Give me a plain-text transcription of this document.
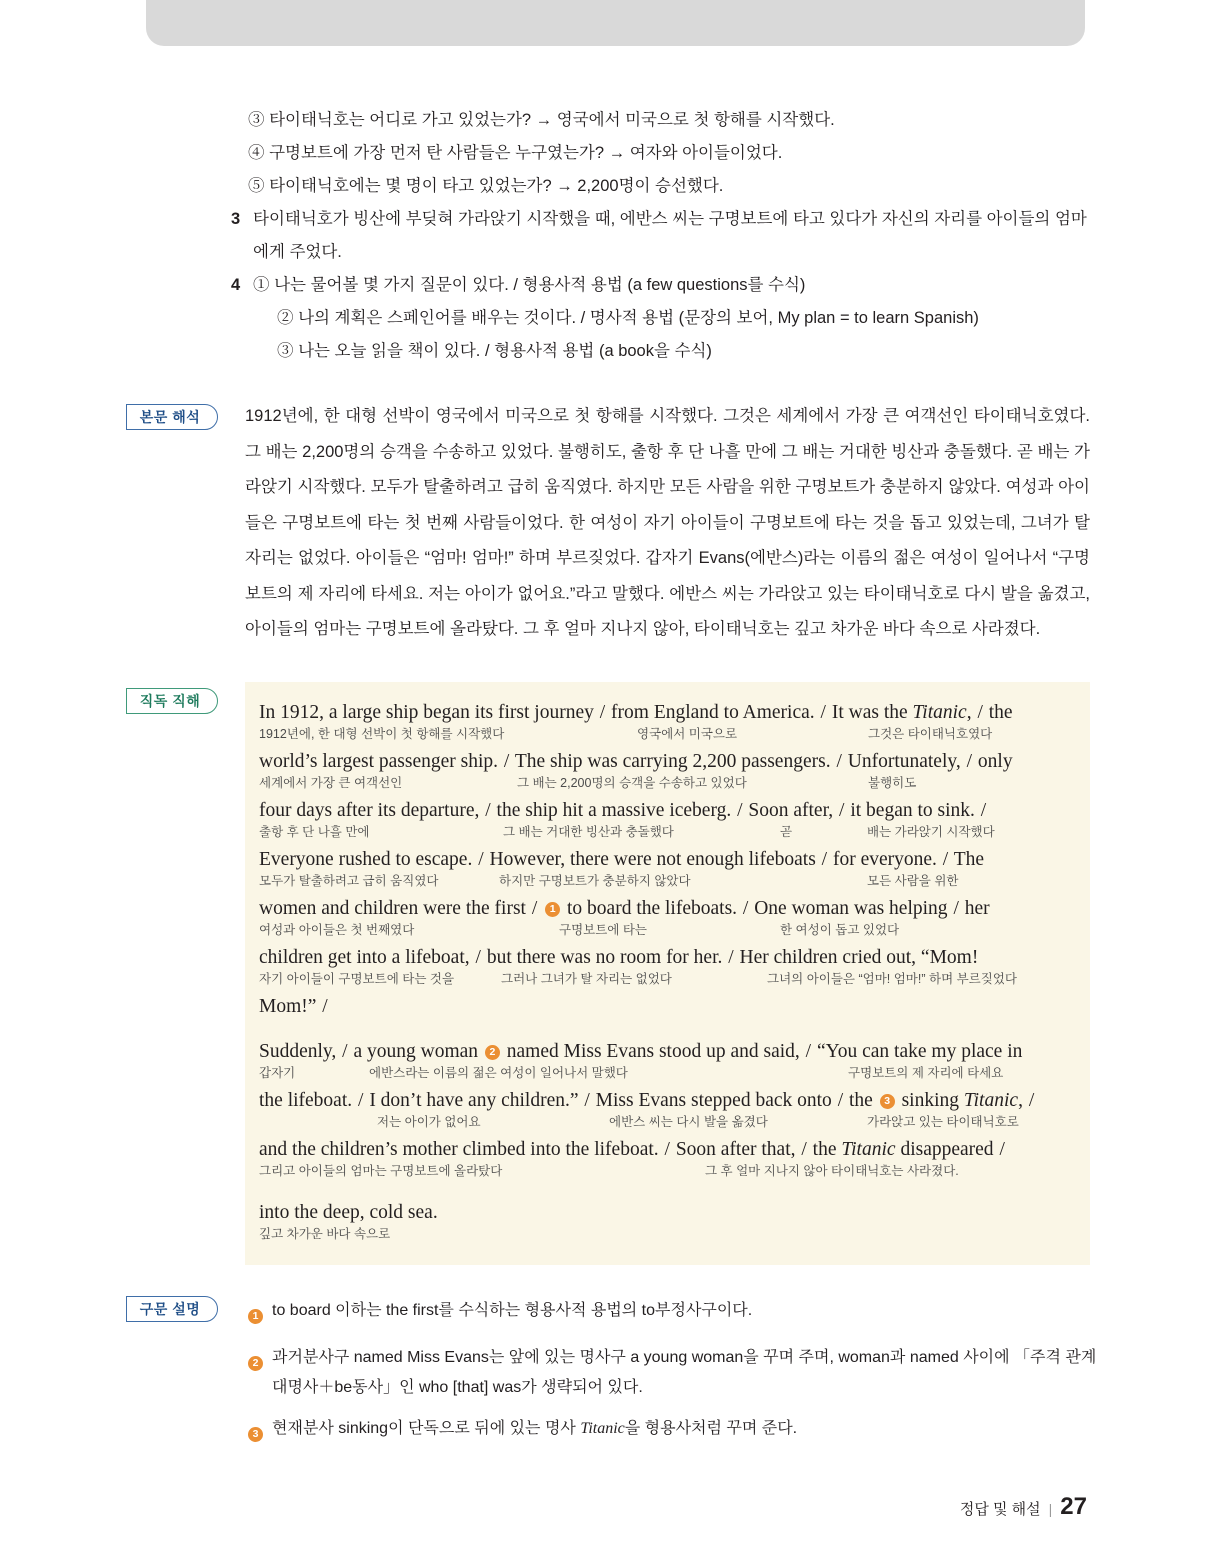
③ 타이태닉호는 어디로 가고 있었는가? → 영국에서 미국으로 첫 항해를 시작했다.
④ 구명보트에 가장 먼저 탄 사람들은 누구였는가? → 여자와 아이들이었다.
⑤ 타이태닉호에는 몇 명이 타고 있었는가? → 2,200명이 승선했다.
3 타이태닉호가 빙산에 부딪혀 가라앉기 시작했을 때, 에반스 씨는 구명보트에 타고 있다가 자신의 자리를 아이들의 엄마에게 주었다.
4 ① 나는 물어볼 몇 가지 질문이 있다. / 형용사적 용법 (a few questions를 수식)
② 나의 계획은 스페인어를 배우는 것이다. / 명사적 용법 (문장의 보어, My plan = to learn Spanish)
③ 나는 오늘 읽을 책이 있다. / 형용사적 용법 (a book을 수식)
본문 해석
직독 직해
구문 설명
1912년에, 한 대형 선박이 영국에서 미국으로 첫 항해를 시작했다. 그것은 세계에서 가장 큰 여객선인 타이태닉호였다. 그 배는 2,200명의 승객을 수송하고 있었다. 불행히도, 출항 후 단 나흘 만에 그 배는 거대한 빙산과 충돌했다. 곧 배는 가라앉기 시작했다. 모두가 탈출하려고 급히 움직였다. 하지만 모든 사람을 위한 구명보트가 충분하지 않았다. 여성과 아이들은 구명보트에 타는 첫 번째 사람들이었다. 한 여성이 자기 아이들이 구명보트에 타는 것을 돕고 있었는데, 그녀가 탈 자리는 없었다. 아이들은 “엄마! 엄마!” 하며 부르짖었다. 갑자기 Evans(에반스)라는 이름의 젊은 여성이 일어나서 “구명보트의 제 자리에 타세요. 저는 아이가 없어요.”라고 말했다. 에반스 씨는 가라앉고 있는 타이태닉호로 다시 발을 옮겼고, 아이들의 엄마는 구명보트에 올라탔다. 그 후 얼마 지나지 않아, 타이태닉호는 깊고 차가운 바다 속으로 사라졌다.
In 1912, a large ship began its first journey / from England to America. / It was the Titanic, / the
1912년에, 한 대형 선박이 첫 항해를 시작했다	영국에서 미국으로	그것은 타이태닉호였다
world’s largest passenger ship. / The ship was carrying 2,200 passengers. / Unfortunately, / only
세계에서 가장 큰 여객선인	그 배는 2,200명의 승객을 수송하고 있었다	불행히도
four days after its departure, / the ship hit a massive iceberg. / Soon after, / it began to sink. /
출항 후 단 나흘 만에	그 배는 거대한 빙산과 충돌했다	곧	배는 가라앉기 시작했다
Everyone rushed to escape. / However, there were not enough lifeboats / for everyone. / The
모두가 탈출하려고 급히 움직였다	하지만 구명보트가 충분하지 않았다	모든 사람을 위한
women and children were the first / 1 to board the lifeboats. / One woman was helping / her
여성과 아이들은 첫 번째였다	구명보트에 타는	한 여성이 돕고 있었다
children get into a lifeboat, / but there was no room for her. / Her children cried out, “Mom!
자기 아이들이 구명보트에 타는 것을	그러나 그녀가 탈 자리는 없었다	그녀의 아이들은 “엄마! 엄마!” 하며 부르짖었다
Mom!” /
Suddenly, / a young woman 2 named Miss Evans stood up and said, / “You can take my place in
갑자기	에반스라는 이름의 젊은 여성이 일어나서 말했다	구명보트의 제 자리에 타세요
the lifeboat. / I don’t have any children.” / Miss Evans stepped back onto / the 3 sinking Titanic, /
저는 아이가 없어요	에반스 씨는 다시 발을 옮겼다	가라앉고 있는 타이태닉호로
and the children’s mother climbed into the lifeboat. / Soon after that, / the Titanic disappeared /
그리고 아이들의 엄마는 구명보트에 올라탔다	그 후 얼마 지나지 않아 타이태닉호는 사라졌다.
into the deep, cold sea.
깊고 차가운 바다 속으로
1 to board 이하는 the first를 수식하는 형용사적 용법의 to부정사구이다.
2 과거분사구 named Miss Evans는 앞에 있는 명사구 a young woman을 꾸며 주며, woman과 named 사이에 「주격 관계대명사＋be동사」인 who [that] was가 생략되어 있다.
3 현재분사 sinking이 단독으로 뒤에 있는 명사 Titanic을 형용사처럼 꾸며 준다.
정답 및 해설 | 27
